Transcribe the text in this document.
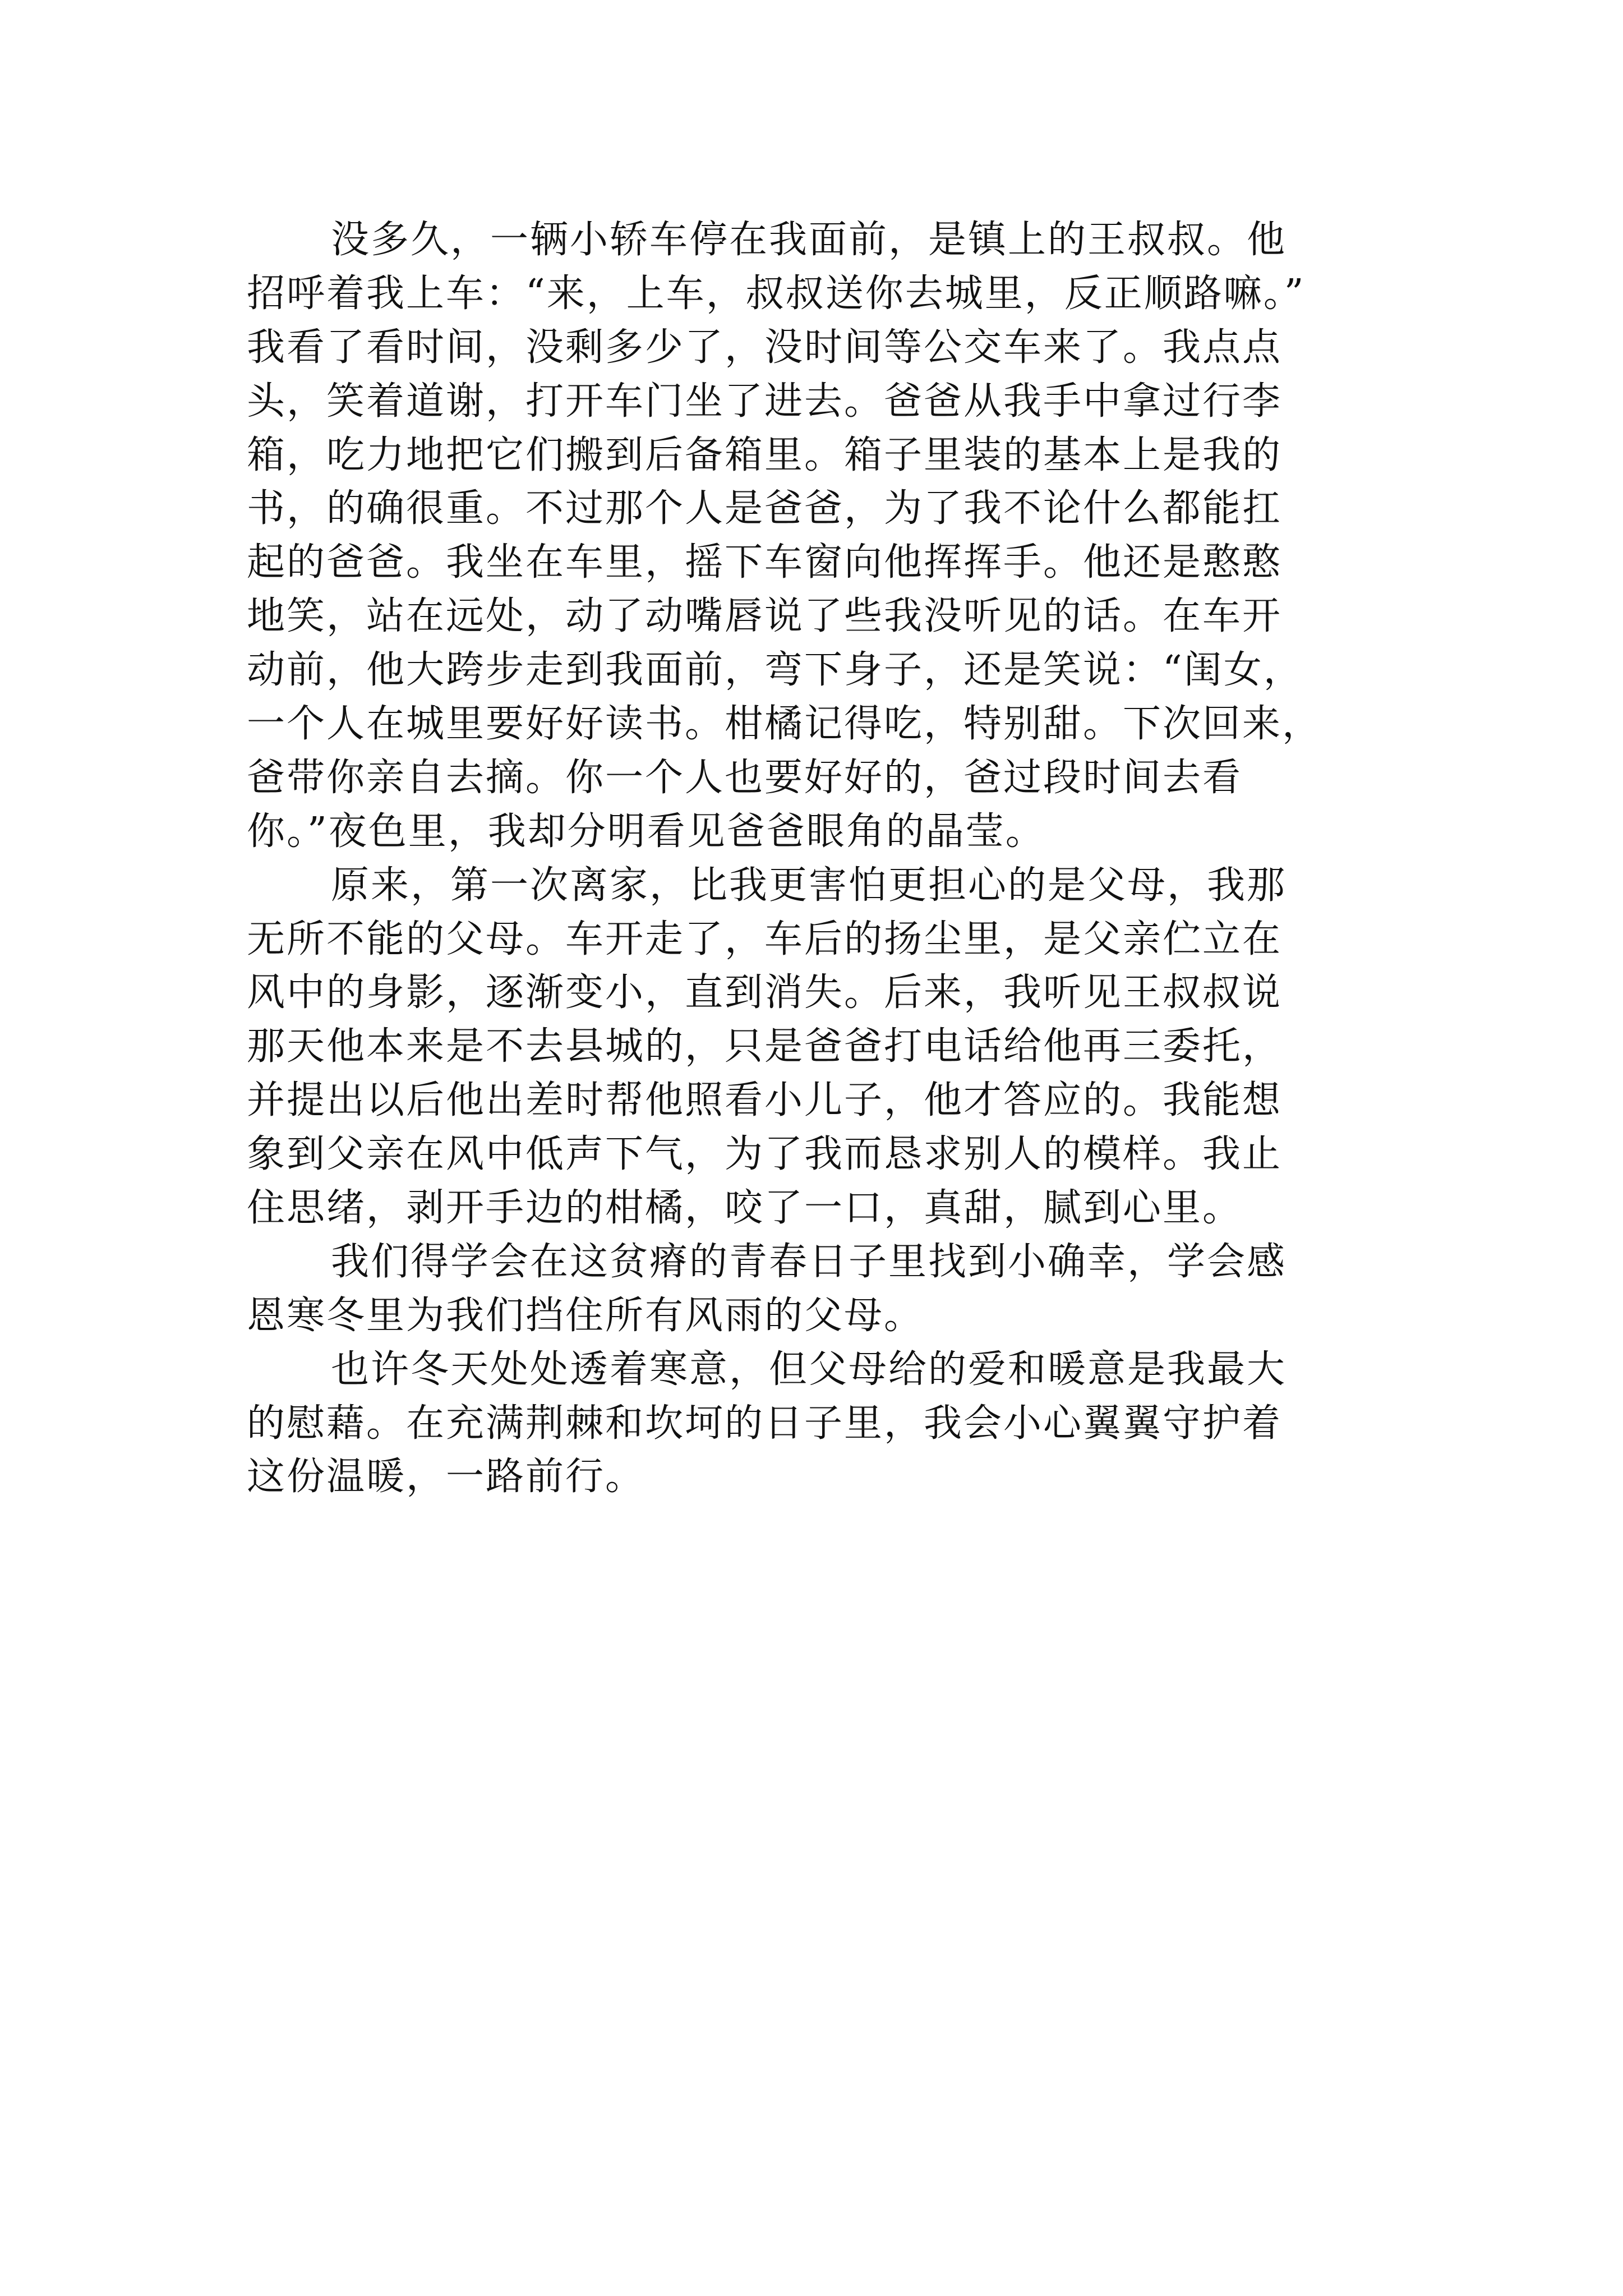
没多久，一辆小轿车停在我面前，是镇上的王叔叔。他
招呼着我上车：“来，上车，叔叔送你去城里，反正顺路嘛。”
我看了看时间，没剩多少了，没时间等公交车来了。我点点
头，笑着道谢，打开车门坐了进去。爸爸从我手中拿过行李
箱，吃力地把它们搬到后备箱里。箱子里装的基本上是我的
书，的确很重。不过那个人是爸爸，为了我不论什么都能扛
起的爸爸。我坐在车里，摇下车窗向他挥挥手。他还是憨憨
地笑，站在远处，动了动嘴唇说了些我没听见的话。在车开
动前，他大跨步走到我面前，弯下身子，还是笑说：“闺女，
一个人在城里要好好读书。柑橘记得吃，特别甜。下次回来，
爸带你亲自去摘。你一个人也要好好的，爸过段时间去看
你。”夜色里，我却分明看见爸爸眼角的晶莹。
原来，第一次离家，比我更害怕更担心的是父母，我那
无所不能的父母。车开走了，车后的扬尘里，是父亲伫立在
风中的身影，逐渐变小，直到消失。后来，我听见王叔叔说
那天他本来是不去县城的，只是爸爸打电话给他再三委托，
并提出以后他出差时帮他照看小儿子，他才答应的。我能想
象到父亲在风中低声下气，为了我而恳求别人的模样。我止
住思绪，剥开手边的柑橘，咬了一口，真甜，腻到心里。
我们得学会在这贫瘠的青春日子里找到小确幸，学会感
恩寒冬里为我们挡住所有风雨的父母。
也许冬天处处透着寒意，但父母给的爱和暖意是我最大
的慰藉。在充满荆棘和坎坷的日子里，我会小心翼翼守护着
这份温暖，一路前行。
